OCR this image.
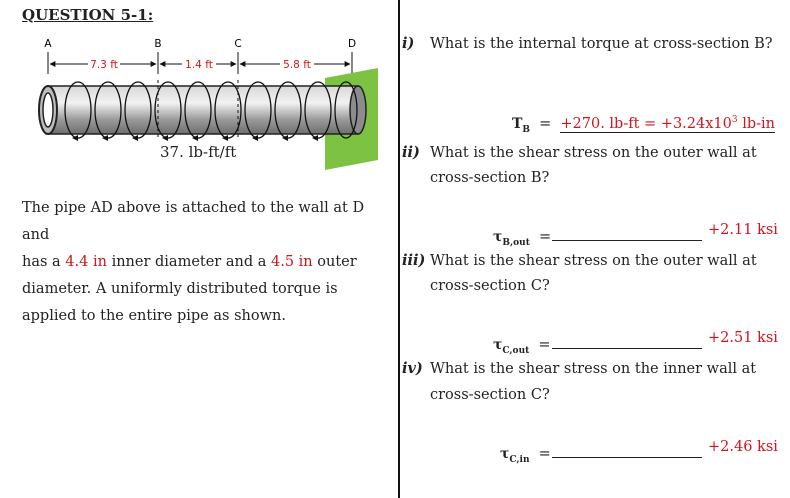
QUESTION 5-1:
A	B	C	D
7.3 ft	1.4 ft	5.8 ft
37. lb-ft/ft
The pipe AD above is attached to the wall at D and
has a 4.4 in inner diameter and a 4.5 in outer
diameter. A uniformly distributed torque is
applied to the entire pipe as shown.
i) What is the internal torque at cross-section B?
$T_B = +270$. $lb-ft = +3.24x10^3$ lb-in
ii) What is the shear stress on the outer wall at
cross-section B?
$\tau_{B,out}$ =	+2.11 ksi
iii) What is the shear stress on the outer wall at
cross-section C?
$\tau_{C,out}$ =	+2.51 ksi
iv) What is the shear stress on the inner wall at
cross-section C?
$\tau_{C,in}$ =	+2.46 ksi
